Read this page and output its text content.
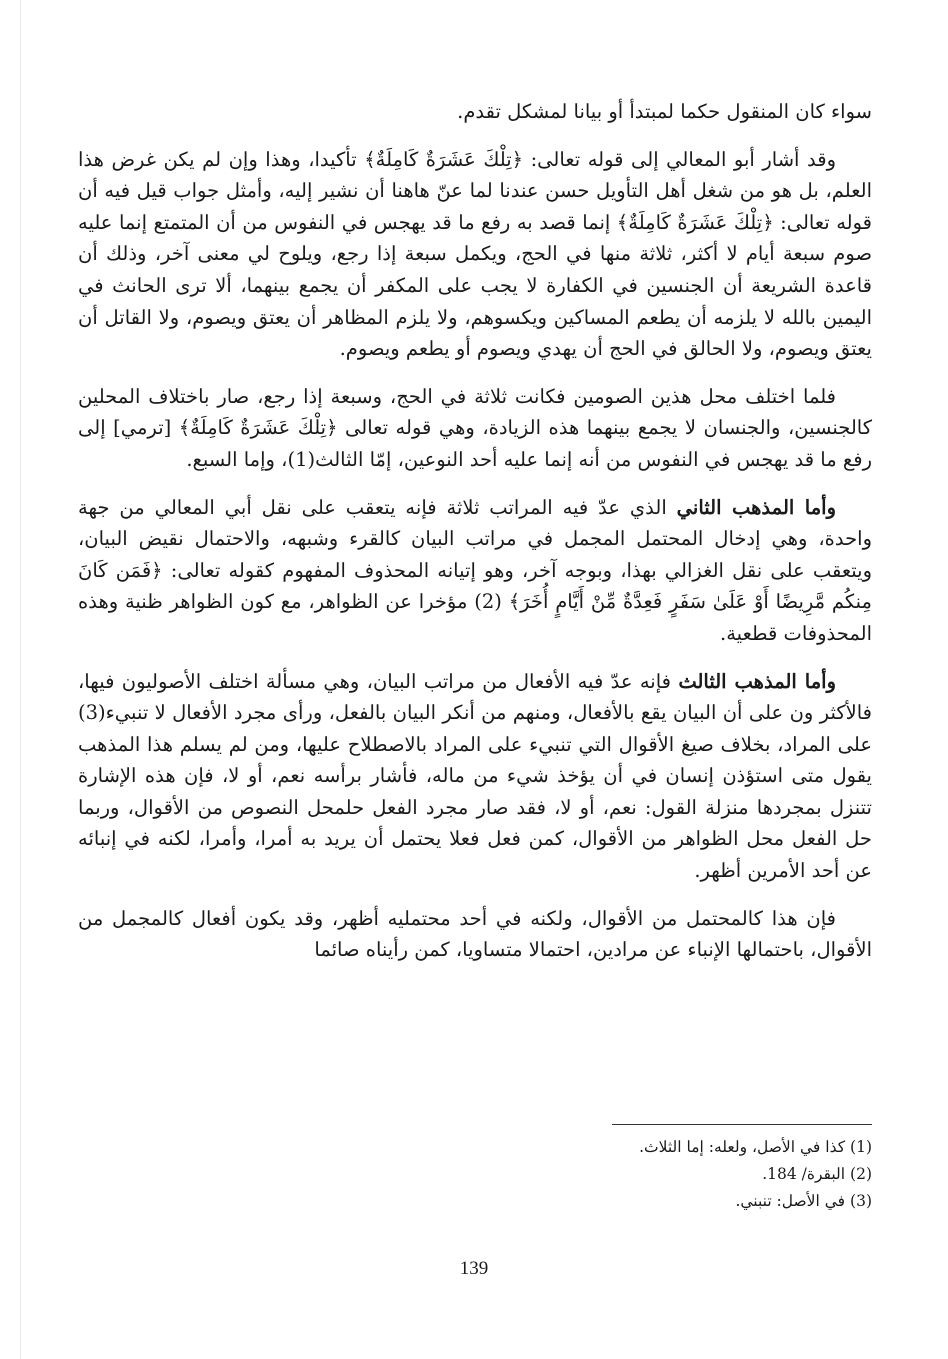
سواء كان المنقول حكما لمبتدأ أو بيانا لمشكل تقدم.

وقد أشار أبو المعالي إلى قوله تعالى: ﴿تِلْكَ عَشَرَةٌ كَامِلَةٌ﴾ تأكيدا، وهذا وإن لم يكن غرض هذا العلم، بل هو من شغل أهل التأويل حسن عندنا لما عنّ هاهنا أن نشير إليه، وأمثل جواب قيل فيه أن قوله تعالى: ﴿تِلْكَ عَشَرَةٌ كَامِلَةٌ﴾ إنما قصد به رفع ما قد يهجس في النفوس من أن المتمتع إنما عليه صوم سبعة أيام لا أكثر، ثلاثة منها في الحج، ويكمل سبعة إذا رجع، ويلوح لي معنى آخر، وذلك أن قاعدة الشريعة أن الجنسين في الكفارة لا يجب على المكفر أن يجمع بينهما، ألا ترى الحانث في اليمين بالله لا يلزمه أن يطعم المساكين ويكسوهم، ولا يلزم المظاهر أن يعتق ويصوم، ولا القاتل أن يعتق ويصوم، ولا الحالق في الحج أن يهدي ويصوم أو يطعم ويصوم.

فلما اختلف محل هذين الصومين فكانت ثلاثة في الحج، وسبعة إذا رجع، صار باختلاف المحلين كالجنسين، والجنسان لا يجمع بينهما هذه الزيادة، وهي قوله تعالى ﴿تِلْكَ عَشَرَةٌ كَامِلَةٌ﴾ [ترمي] إلى رفع ما قد يهجس في النفوس من أنه إنما عليه أحد النوعين، إمّا الثالث(1)، وإما السبع.

وأما المذهب الثاني الذي عدّ فيه المراتب ثلاثة فإنه يتعقب على نقل أبي المعالي من جهة واحدة، وهي إدخال المحتمل المجمل في مراتب البيان كالقرء وشبهه، والاحتمال نقيض البيان، ويتعقب على نقل الغزالي بهذا، وبوجه آخر، وهو إتيانه المحذوف المفهوم كقوله تعالى: ﴿فَمَن كَانَ مِنكُم مَّرِيضًا أَوْ عَلَىٰ سَفَرٍ فَعِدَّةٌ مِّنْ أَيَّامٍ أُخَرَ﴾ (2) مؤخرا عن الظواهر، مع كون الظواهر ظنية وهذه المحذوفات قطعية.

وأما المذهب الثالث فإنه عدّ فيه الأفعال من مراتب البيان، وهي مسألة اختلف الأصوليون فيها، فالأكثر ون على أن البيان يقع بالأفعال، ومنهم من أنكر البيان بالفعل، ورأى مجرد الأفعال لا تنبيء(3) على المراد، بخلاف صيغ الأقوال التي تنبيء على المراد بالاصطلاح عليها، ومن لم يسلم هذا المذهب يقول متى استؤذن إنسان في أن يؤخذ شيء من ماله، فأشار برأسه نعم، أو لا، فإن هذه الإشارة تتنزل بمجردها منزلة القول: نعم، أو لا، فقد صار مجرد الفعل حلمحل النصوص من الأقوال، وربما حل الفعل محل الظواهر من الأقوال، كمن فعل فعلا يحتمل أن يريد به أمرا، وأمرا، لكنه في إنبائه عن أحد الأمرين أظهر.

فإن هذا كالمحتمل من الأقوال، ولكنه في أحد محتمليه أظهر، وقد يكون أفعال كالمجمل من الأقوال، باحتمالها الإنباء عن مرادين، احتمالا متساويا، كمن رأيناه صائما

(1) كذا في الأصل، ولعله: إما الثلاث.
(2) البقرة/ 184.
(3) في الأصل: تنبني.
139
